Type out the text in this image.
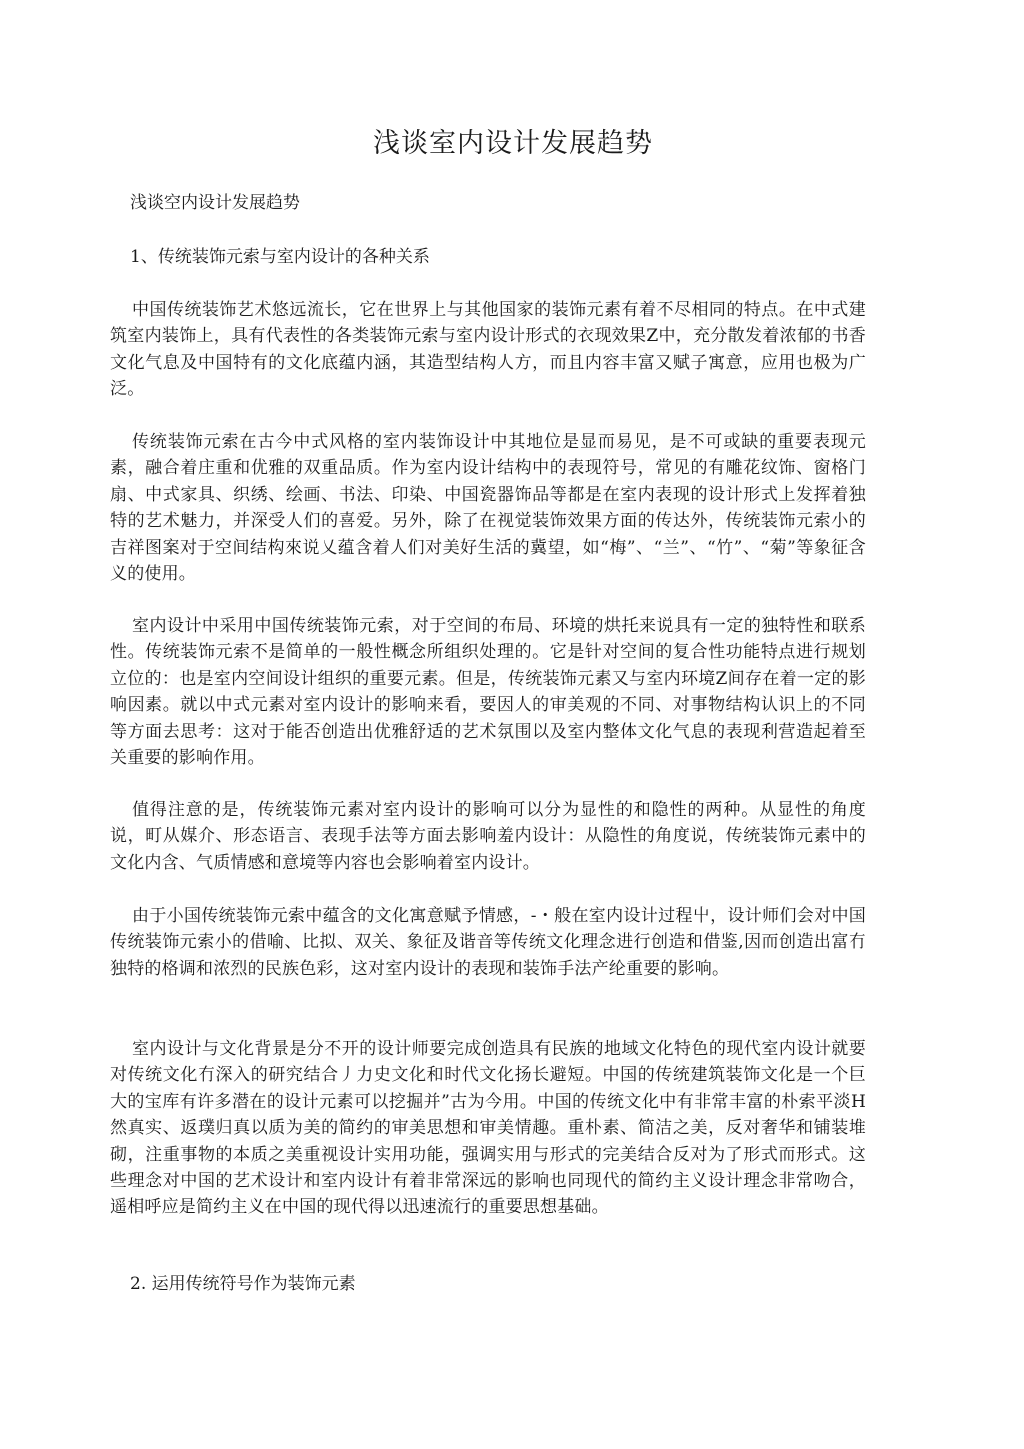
浅谈室内设计发展趋势

浅谈空内设计发展趋势

1、传统装饰元索与室内设计的各种关系

中国传统装饰艺术悠远流长，它在世界上与其他国家的装饰元素有着不尽相同的特点。在中式建筑室内装饰上，具有代表性的各类装饰元索与室内设计形式的衣现效果Z中，充分散发着浓郁的书香文化气息及中国特有的文化底蕴内涵，其造型结构人方，而且内容丰富又赋子寓意，应用也极为广泛。

传统装饰元索在古今中式风格的室内装饰设计中其地位是显而易见，是不可或缺的重要表现元素，融合着庄重和优雅的双重品质。作为室内设计结构中的表现符号，常见的有雕花纹饰、窗格门扇、中式家具、织绣、绘画、书法、印染、中国瓷器饰品等都是在室内表现的设计形式上发挥着独特的艺术魅力，并深受人们的喜爱。另外，除了在视觉装饰效果方面的传达外，传统装饰元索小的吉祥图案对于空间结构來说乂蕴含着人们对美好生活的冀望，如“梅”、“兰”、“竹”、“菊”等象征含义的使用。

室内设计中采用中国传统装饰元索，对于空间的布局、环境的烘托来说具有一定的独特性和联系性。传统装饰元索不是简单的一般性概念所组织处理的。它是针对空间的复合性功能特点进行规划立位的：也是室内空间设计组织的重要元素。但是，传统装饰元素又与室内环境Z间存在着一定的影响因素。就以中式元素对室内设计的影响来看，要因人的审美观的不同、对事物结构认识上的不同等方面去思考：这对于能否创造出优雅舒适的艺术氛围以及室内整体文化气息的表现利营造起着至关重要的影响作用。

值得注意的是，传统装饰元素对室内设计的影响可以分为显性的和隐性的两种。从显性的角度说，町从媒介、形态语言、表现手法等方面去影响羞内设计：从隐性的角度说，传统装饰元素中的文化内含、气质情感和意境等内容也会影响着室内设计。

由于小国传统装饰元索中蕴含的文化寓意赋予情感，-・般在室内设计过程屮，设计师们会对中国传统装饰元索小的借喻、比拟、双关、象征及谐音等传统文化理念进行创造和借鉴,因而创造出富冇独特的格调和浓烈的民族色彩，这对室内设计的表现和装饰手法产纶重要的影响。

室内设计与文化背景是分不开的设计师要完成创造具有民族的地域文化特色的现代室内设计就要对传统文化冇深入的研究结合丿力史文化和时代文化扬长避短。中国的传统建筑装饰文化是一个巨大的宝库有许多潜在的设计元素可以挖掘并”古为今用。中国的传统文化中有非常丰富的朴索平淡H然真实、返璞归真以质为美的简约的审美思想和审美情趣。重朴素、简洁之美，反对奢华和铺装堆砌，注重事物的本质之美重视设计实用功能，强调实用与形式的完美结合反对为了形式而形式。这些理念对中国的艺术设计和室内设计有着非常深远的影响也同现代的简约主义设计理念非常吻合，遥相呼应是简约主义在中国的现代得以迅速流行的重要思想基础。

2. 运用传统符号作为装饰元素
